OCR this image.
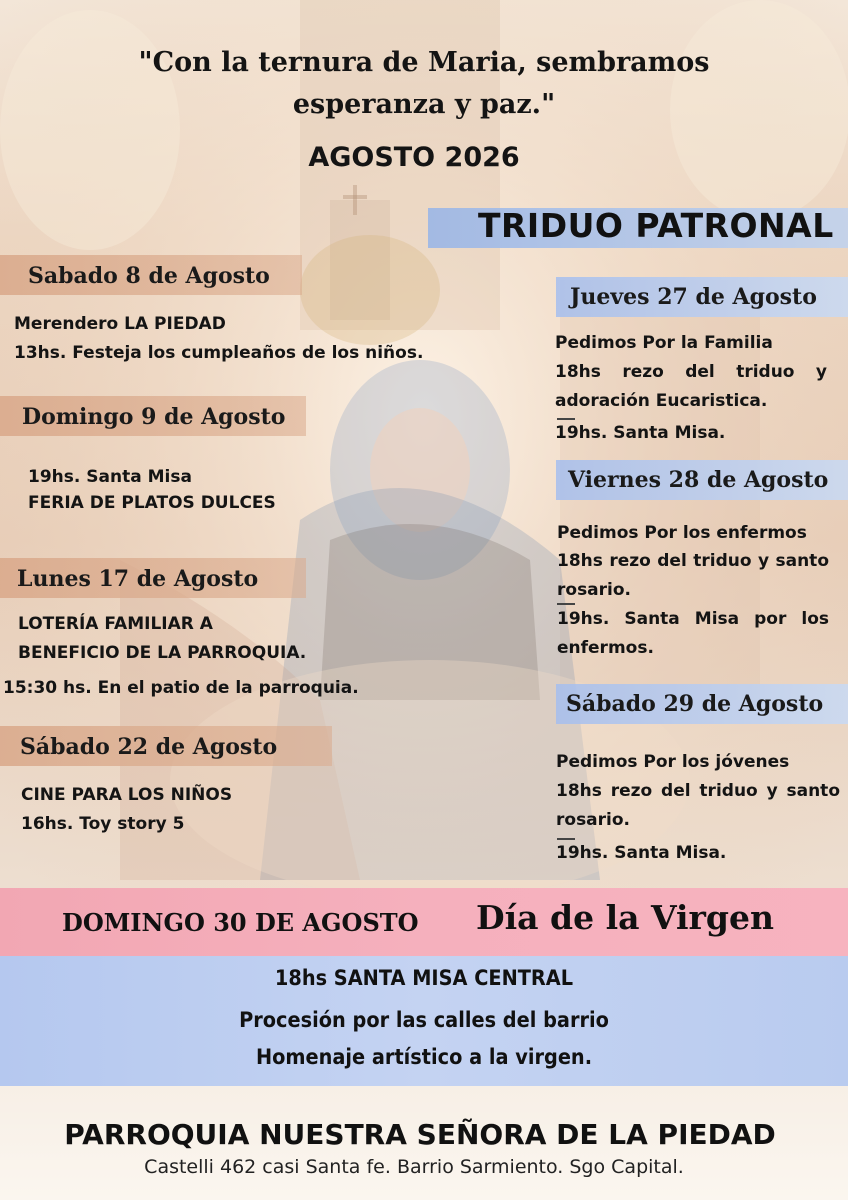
"Con la ternura de Maria, sembramos
esperanza y paz."
AGOSTO 2026
TRIDUO PATRONAL
Sabado 8 de Agosto
Merendero LA PIEDAD
13hs. Festeja los cumpleaños de los niños.
Domingo 9 de Agosto
19hs. Santa Misa
FERIA DE PLATOS DULCES
Lunes 17 de Agosto
LOTERÍA FAMILIAR A
BENEFICIO DE LA PARROQUIA.
15:30 hs. En el patio de la parroquia.
Sábado 22 de Agosto
CINE PARA LOS NIÑOS
16hs. Toy story 5
Jueves 27 de Agosto
Pedimos Por la Familia
18hs rezo del triduo y adoración Eucaristica.
19hs. Santa Misa.
Viernes 28 de Agosto
Pedimos Por los enfermos
18hs rezo del triduo y santo rosario.
19hs. Santa Misa por los enfermos.
Sábado 29 de Agosto
Pedimos Por los jóvenes
18hs rezo del triduo y santo rosario.
19hs. Santa Misa.
DOMINGO 30 DE AGOSTO Día de la Virgen
18hs SANTA MISA CENTRAL
Procesión por las calles del barrio
Homenaje artístico a la virgen.
PARROQUIA NUESTRA SEÑORA DE LA PIEDAD
Castelli 462 casi Santa fe. Barrio Sarmiento. Sgo Capital.
